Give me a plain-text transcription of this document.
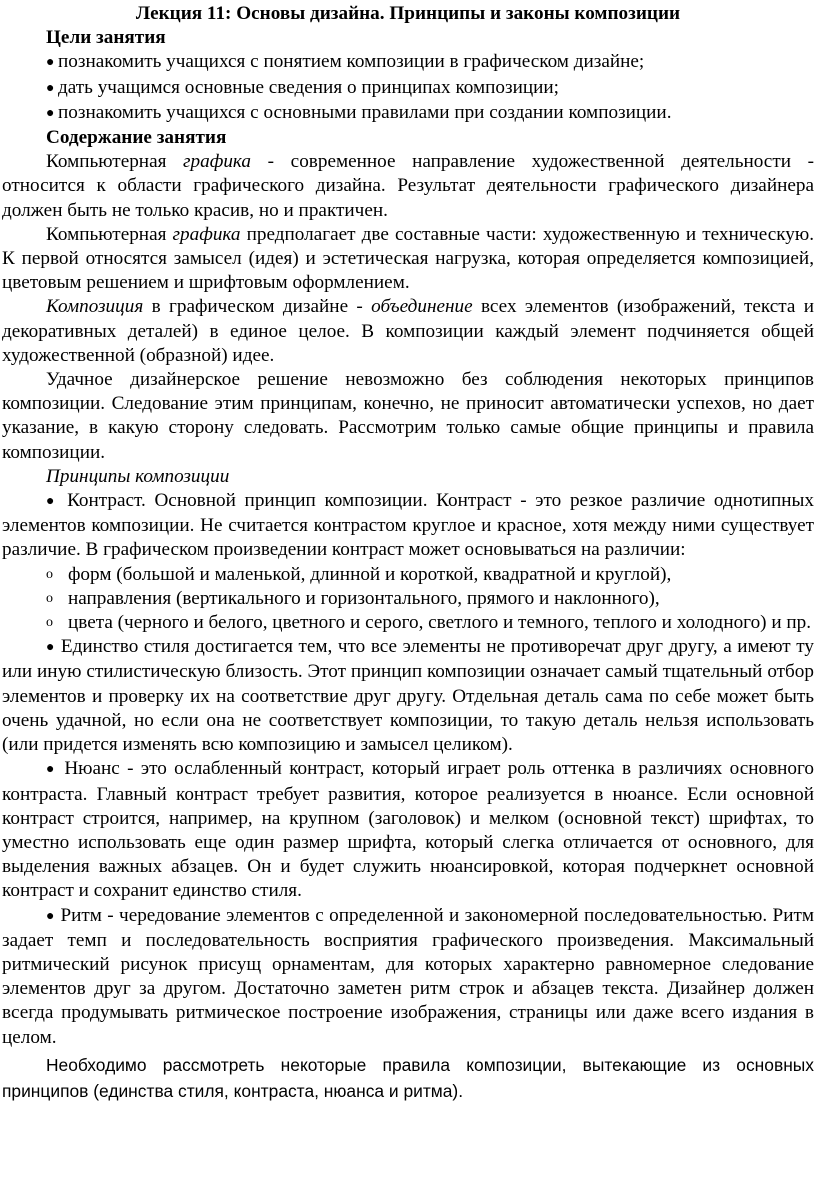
Лекция 11: Основы дизайна. Принципы и законы композиции

Цели занятия

● познакомить учащихся с понятием композиции в графическом дизайне;

● дать учащимся основные сведения о принципах композиции;

● познакомить учащихся с основными правилами при создании композиции.

Содержание занятия

Компьютерная графика - современное направление художественной деятельности - относится к области графического дизайна. Результат деятельности графического дизайнера должен быть не только красив, но и практичен.

Компьютерная графика предполагает две составные части: художественную и техническую. К первой относятся замысел (идея) и эстетическая нагрузка, которая определяется композицией, цветовым решением и шрифтовым оформлением.

Композиция в графическом дизайне - объединение всех элементов (изображений, текста и декоративных деталей) в единое целое. В композиции каждый элемент подчиняется общей художественной (образной) идее.

Удачное дизайнерское решение невозможно без соблюдения некоторых принципов композиции. Следование этим принципам, конечно, не приносит автоматически успехов, но дает указание, в какую сторону следовать. Рассмотрим только самые общие принципы и правила композиции.

Принципы композиции

● Контраст. Основной принцип композиции. Контраст - это резкое различие однотипных элементов композиции. Не считается контрастом круглое и красное, хотя между ними существует различие. В графическом произведении контраст может основываться на различии:

o форм (большой и маленькой, длинной и короткой, квадратной и круглой),

o направления (вертикального и горизонтального, прямого и наклонного),

o цвета (черного и белого, цветного и серого, светлого и темного, теплого и холодного) и пр.

● Единство стиля достигается тем, что все элементы не противоречат друг другу, а имеют ту или иную стилистическую близость. Этот принцип композиции означает самый тщательный отбор элементов и проверку их на соответствие друг другу. Отдельная деталь сама по себе может быть очень удачной, но если она не соответствует композиции, то такую деталь нельзя использовать (или придется изменять всю композицию и замысел целиком).

● Нюанс - это ослабленный контраст, который играет роль оттенка в различиях основного контраста. Главный контраст требует развития, которое реализуется в нюансе. Если основной контраст строится, например, на крупном (заголовок) и мелком (основной текст) шрифтах, то уместно использовать еще один размер шрифта, который слегка отличается от основного, для выделения важных абзацев. Он и будет служить нюансировкой, которая подчеркнет основной контраст и сохранит единство стиля.

● Ритм - чередование элементов с определенной и закономерной последовательностью. Ритм задает темп и последовательность восприятия графического произведения. Максимальный ритмический рисунок присущ орнаментам, для которых характерно равномерное следование элементов друг за другом. Достаточно заметен ритм строк и абзацев текста. Дизайнер должен всегда продумывать ритмическое построение изображения, страницы или даже всего издания в целом.

Необходимо рассмотреть некоторые правила композиции, вытекающие из основных принципов (единства стиля, контраста, нюанса и ритма).
